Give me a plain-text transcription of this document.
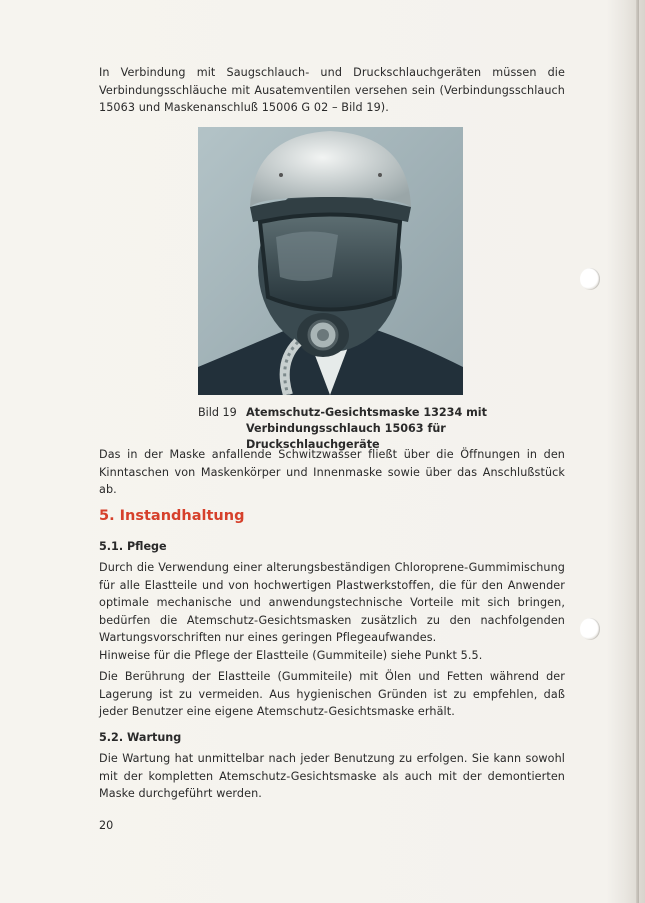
In Verbindung mit Saugschlauch- und Druckschlauchgeräten müssen die Verbindungsschläuche mit Ausatemventilen versehen sein (Verbindungsschlauch 15063 und Maskenanschluß 15006 G 02 – Bild 19).
Bild 19 Atemschutz-Gesichtsmaske 13234 mit Verbindungsschlauch 15063 für Druckschlauchgeräte
Das in der Maske anfallende Schwitzwasser fließt über die Öffnungen in den Kinntaschen von Maskenkörper und Innenmaske sowie über das Anschlußstück ab.
5. Instandhaltung
5.1. Pflege
Durch die Verwendung einer alterungsbeständigen Chloroprene-Gummimischung für alle Elastteile und von hochwertigen Plastwerkstoffen, die für den Anwender optimale mechanische und anwendungstechnische Vorteile mit sich bringen, bedürfen die Atemschutz-Gesichtsmasken zusätzlich zu den nachfolgenden Wartungsvorschriften nur eines geringen Pflegeaufwandes.
Hinweise für die Pflege der Elastteile (Gummiteile) siehe Punkt 5.5.
Die Berührung der Elastteile (Gummiteile) mit Ölen und Fetten während der Lagerung ist zu vermeiden. Aus hygienischen Gründen ist zu empfehlen, daß jeder Benutzer eine eigene Atemschutz-Gesichtsmaske erhält.
5.2. Wartung
Die Wartung hat unmittelbar nach jeder Benutzung zu erfolgen. Sie kann sowohl mit der kompletten Atemschutz-Gesichtsmaske als auch mit der demontierten Maske durchgeführt werden.
20
